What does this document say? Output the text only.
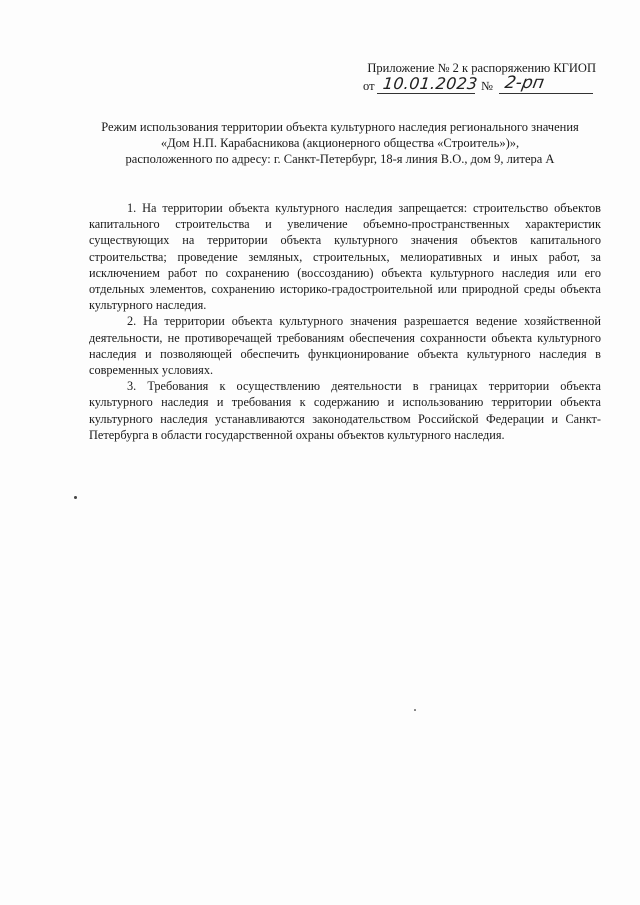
Приложение № 2 к распоряжению КГИОП
от 10.01.2023 № 2-рп
Режим использования территории объекта культурного наследия регионального значения
«Дом Н.П. Карабасникова (акционерного общества «Строитель»)»,
расположенного по адресу: г. Санкт-Петербург, 18-я линия В.О., дом 9, литера А

1. На территории объекта культурного наследия запрещается: строительство объектов капитального строительства и увеличение объемно-пространственных характеристик существующих на территории объекта культурного значения объектов капитального строительства; проведение земляных, строительных, мелиоративных и иных работ, за исключением работ по сохранению (воссозданию) объекта культурного наследия или его отдельных элементов, сохранению историко-градостроительной или природной среды объекта культурного наследия.

2. На территории объекта культурного значения разрешается ведение хозяйственной деятельности, не противоречащей требованиям обеспечения сохранности объекта культурного наследия и позволяющей обеспечить функционирование объекта культурного наследия в современных условиях.

3. Требования к осуществлению деятельности в границах территории объекта культурного наследия и требования к содержанию и использованию территории объекта культурного наследия устанавливаются законодательством Российской Федерации и Санкт-Петербурга в области государственной охраны объектов культурного наследия.
